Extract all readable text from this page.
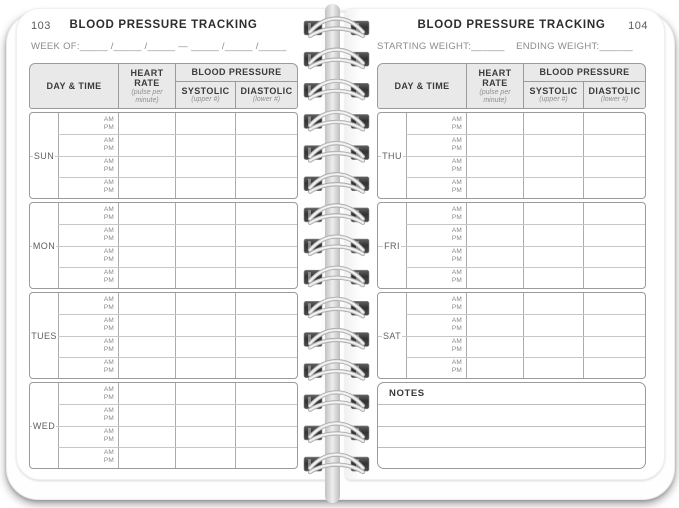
103	BLOOD PRESSURE TRACKING
WEEK OF:_____ /_____ /_____ — _____ /_____ /_____
DAY & TIME
HEART RATE
(pulse per minute)
BLOOD PRESSURE
SYSTOLIC
(upper #)
DIASTOLIC
(lower #)
AM
PM
AM
PM
AM
PM
AM
PM
SUN
AM
PM
AM
PM
AM
PM
AM
PM
MON
AM
PM
AM
PM
AM
PM
AM
PM
TUES
AM
PM
AM
PM
AM
PM
AM
PM
WED
BLOOD PRESSURE TRACKING	104
STARTING WEIGHT:______ ENDING WEIGHT:______
DAY & TIME
HEART RATE
(pulse per minute)
BLOOD PRESSURE
SYSTOLIC
(upper #)
DIASTOLIC
(lower #)
AM
PM
AM
PM
AM
PM
AM
PM
THU
AM
PM
AM
PM
AM
PM
AM
PM
FRI
AM
PM
AM
PM
AM
PM
AM
PM
SAT
NOTES
